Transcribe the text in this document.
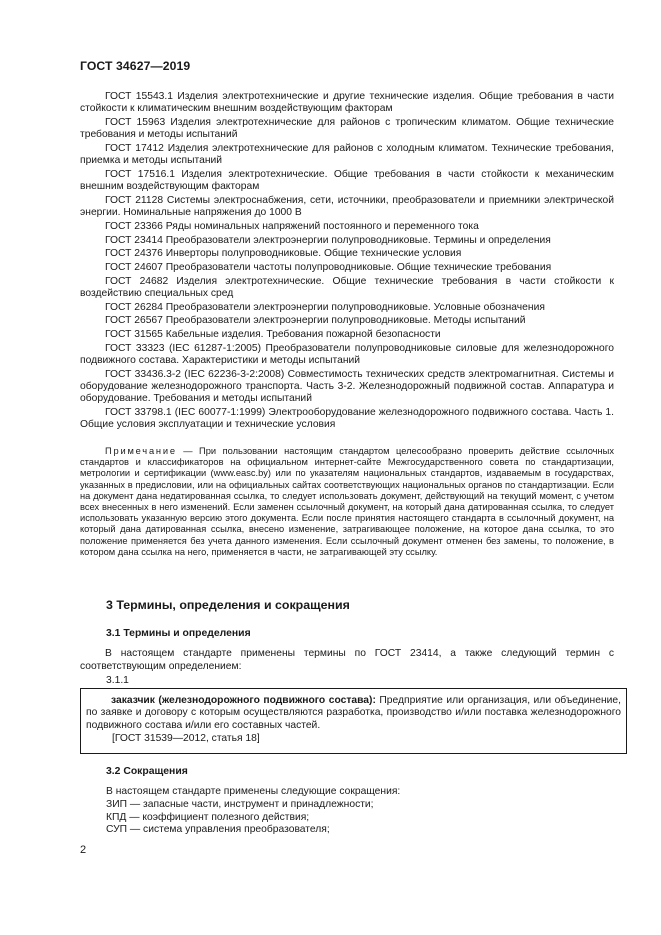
ГОСТ 34627—2019

ГОСТ 15543.1 Изделия электротехнические и другие технические изделия. Общие требования в части стойкости к климатическим внешним воздействующим факторам

ГОСТ 15963 Изделия электротехнические для районов с тропическим климатом. Общие технические требования и методы испытаний

ГОСТ 17412 Изделия электротехнические для районов с холодным климатом. Технические требования, приемка и методы испытаний

ГОСТ 17516.1 Изделия электротехнические. Общие требования в части стойкости к механическим внешним воздействующим факторам

ГОСТ 21128 Системы электроснабжения, сети, источники, преобразователи и приемники электрической энергии. Номинальные напряжения до 1000 В

ГОСТ 23366 Ряды номинальных напряжений постоянного и переменного тока

ГОСТ 23414 Преобразователи электроэнергии полупроводниковые. Термины и определения

ГОСТ 24376 Инверторы полупроводниковые. Общие технические условия

ГОСТ 24607 Преобразователи частоты полупроводниковые. Общие технические требования

ГОСТ 24682 Изделия электротехнические. Общие технические требования в части стойкости к воздействию специальных сред

ГОСТ 26284 Преобразователи электроэнергии полупроводниковые. Условные обозначения

ГОСТ 26567 Преобразователи электроэнергии полупроводниковые. Методы испытаний

ГОСТ 31565 Кабельные изделия. Требования пожарной безопасности

ГОСТ 33323 (IEC 61287-1:2005) Преобразователи полупроводниковые силовые для железнодорожного подвижного состава. Характеристики и методы испытаний

ГОСТ 33436.3-2 (IEC 62236-3-2:2008) Совместимость технических средств электромагнитная. Системы и оборудование железнодорожного транспорта. Часть 3-2. Железнодорожный подвижной состав. Аппаратура и оборудование. Требования и методы испытаний

ГОСТ 33798.1 (IEC 60077-1:1999) Электрооборудование железнодорожного подвижного состава. Часть 1. Общие условия эксплуатации и технические условия

Примечание — При пользовании настоящим стандартом целесообразно проверить действие ссылочных стандартов и классификаторов на официальном интернет-сайте Межгосударственного совета по стандартизации, метрологии и сертификации (www.easc.by) или по указателям национальных стандартов, издаваемым в государствах, указанных в предисловии, или на официальных сайтах соответствующих национальных органов по стандартизации. Если на документ дана недатированная ссылка, то следует использовать документ, действующий на текущий момент, с учетом всех внесенных в него изменений. Если заменен ссылочный документ, на который дана датированная ссылка, то следует использовать указанную версию этого документа. Если после принятия настоящего стандарта в ссылочный документ, на который дана датированная ссылка, внесено изменение, затрагивающее положение, на которое дана ссылка, то это положение применяется без учета данного изменения. Если ссылочный документ отменен без замены, то положение, в котором дана ссылка на него, применяется в части, не затрагивающей эту ссылку.

3 Термины, определения и сокращения
3.1 Термины и определения

В настоящем стандарте применены термины по ГОСТ 23414, а также следующий термин с соответствующим определением:

3.1.1

заказчик (железнодорожного подвижного состава): Предприятие или организация, или объединение, по заявке и договору с которым осуществляются разработка, производство и/или поставка железнодорожного подвижного состава и/или его составных частей.

[ГОСТ 31539—2012, статья 18]
3.2 Сокращения
В настоящем стандарте применены следующие сокращения:

ЗИП — запасные части, инструмент и принадлежности;

КПД — коэффициент полезного действия;

СУП — система управления преобразователя;

2
